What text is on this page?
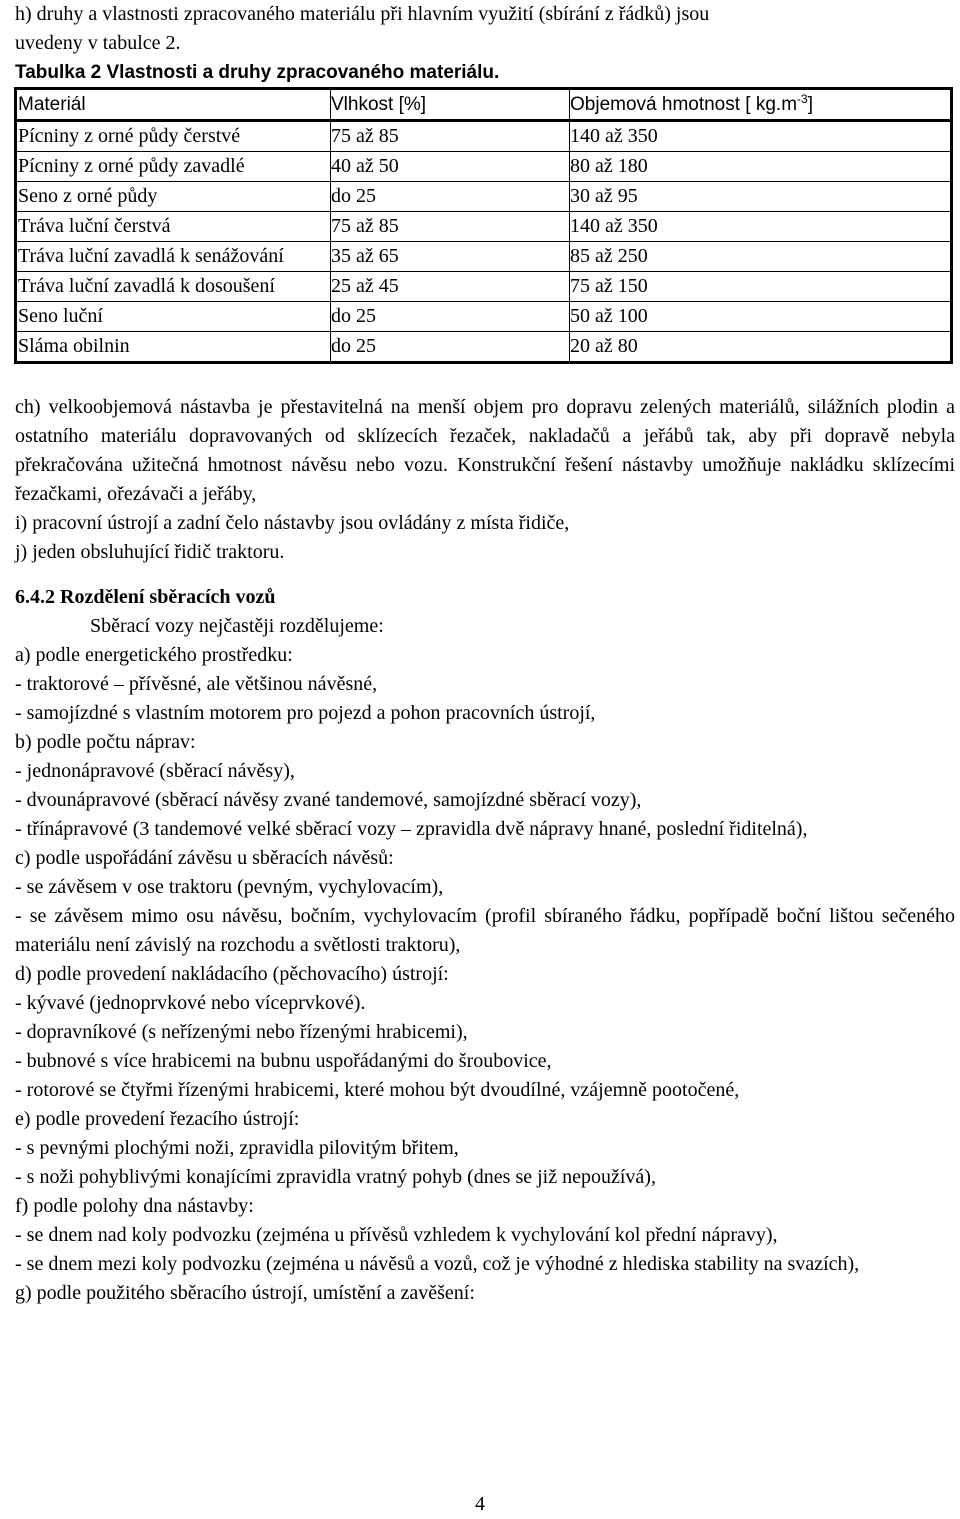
h) druhy a vlastnosti zpracovaného materiálu při hlavním využití (sbírání z řádků) jsou

uvedeny v tabulce 2.

Tabulka 2 Vlastnosti a druhy zpracovaného materiálu.

Materiál	Vlhkost [%]	Objemová hmotnost [ $kg.m^{-3}$]
Pícniny z orné půdy čerstvé	75 až 85	140 až 350
Pícniny z orné půdy zavadlé	40 až 50	80 až 180
Seno z orné půdy	do 25	30 až 95
Tráva luční čerstvá	75 až 85	140 až 350
Tráva luční zavadlá k senážování	35 až 65	85 až 250
Tráva luční zavadlá k dosoušení	25 až 45	75 až 150
Seno luční	do 25	50 až 100
Sláma obilnin	do 25	20 až 80

ch) velkoobjemová nástavba je přestavitelná na menší objem pro dopravu zelených materiálů, silážních plodin a ostatního materiálu dopravovaných od sklízecích řezaček, nakladačů a jeřábů tak, aby při dopravě nebyla překračována užitečná hmotnost návěsu nebo vozu. Konstrukční řešení nástavby umožňuje nakládku sklízecími řezačkami, ořezávači a jeřáby,

i) pracovní ústrojí a zadní čelo nástavby jsou ovládány z místa řidiče,

j) jeden obsluhující řidič traktoru.

6.4.2 Rozdělení sběracích vozů

Sběrací vozy nejčastěji rozdělujeme:

a) podle energetického prostředku:

- traktorové – přívěsné, ale většinou návěsné,

- samojízdné s vlastním motorem pro pojezd a pohon pracovních ústrojí,

b) podle počtu náprav:

- jednonápravové (sběrací návěsy),

- dvounápravové (sběrací návěsy zvané tandemové, samojízdné sběrací vozy),

- třínápravové (3 tandemové velké sběrací vozy – zpravidla dvě nápravy hnané, poslední řiditelná),

c) podle uspořádání závěsu u sběracích návěsů:

- se závěsem v ose traktoru (pevným, vychylovacím),

- se závěsem mimo osu návěsu, bočním, vychylovacím (profil sbíraného řádku, popřípadě boční lištou sečeného materiálu není závislý na rozchodu a světlosti traktoru),

d) podle provedení nakládacího (pěchovacího) ústrojí:

- kývavé (jednoprvkové nebo víceprvkové).

- dopravníkové (s neřízenými nebo řízenými hrabicemi),

- bubnové s více hrabicemi na bubnu uspořádanými do šroubovice,

- rotorové se čtyřmi řízenými hrabicemi, které mohou být dvoudílné, vzájemně pootočené,

e) podle provedení řezacího ústrojí:

- s pevnými plochými noži, zpravidla pilovitým břitem,

- s noži pohyblivými konajícími zpravidla vratný pohyb (dnes se již nepoužívá),

f) podle polohy dna nástavby:

- se dnem nad koly podvozku (zejména u přívěsů vzhledem k vychylování kol přední nápravy),

- se dnem mezi koly podvozku (zejména u návěsů a vozů, což je výhodné z hlediska stability na svazích),

g) podle použitého sběracího ústrojí, umístění a zavěšení:

4
